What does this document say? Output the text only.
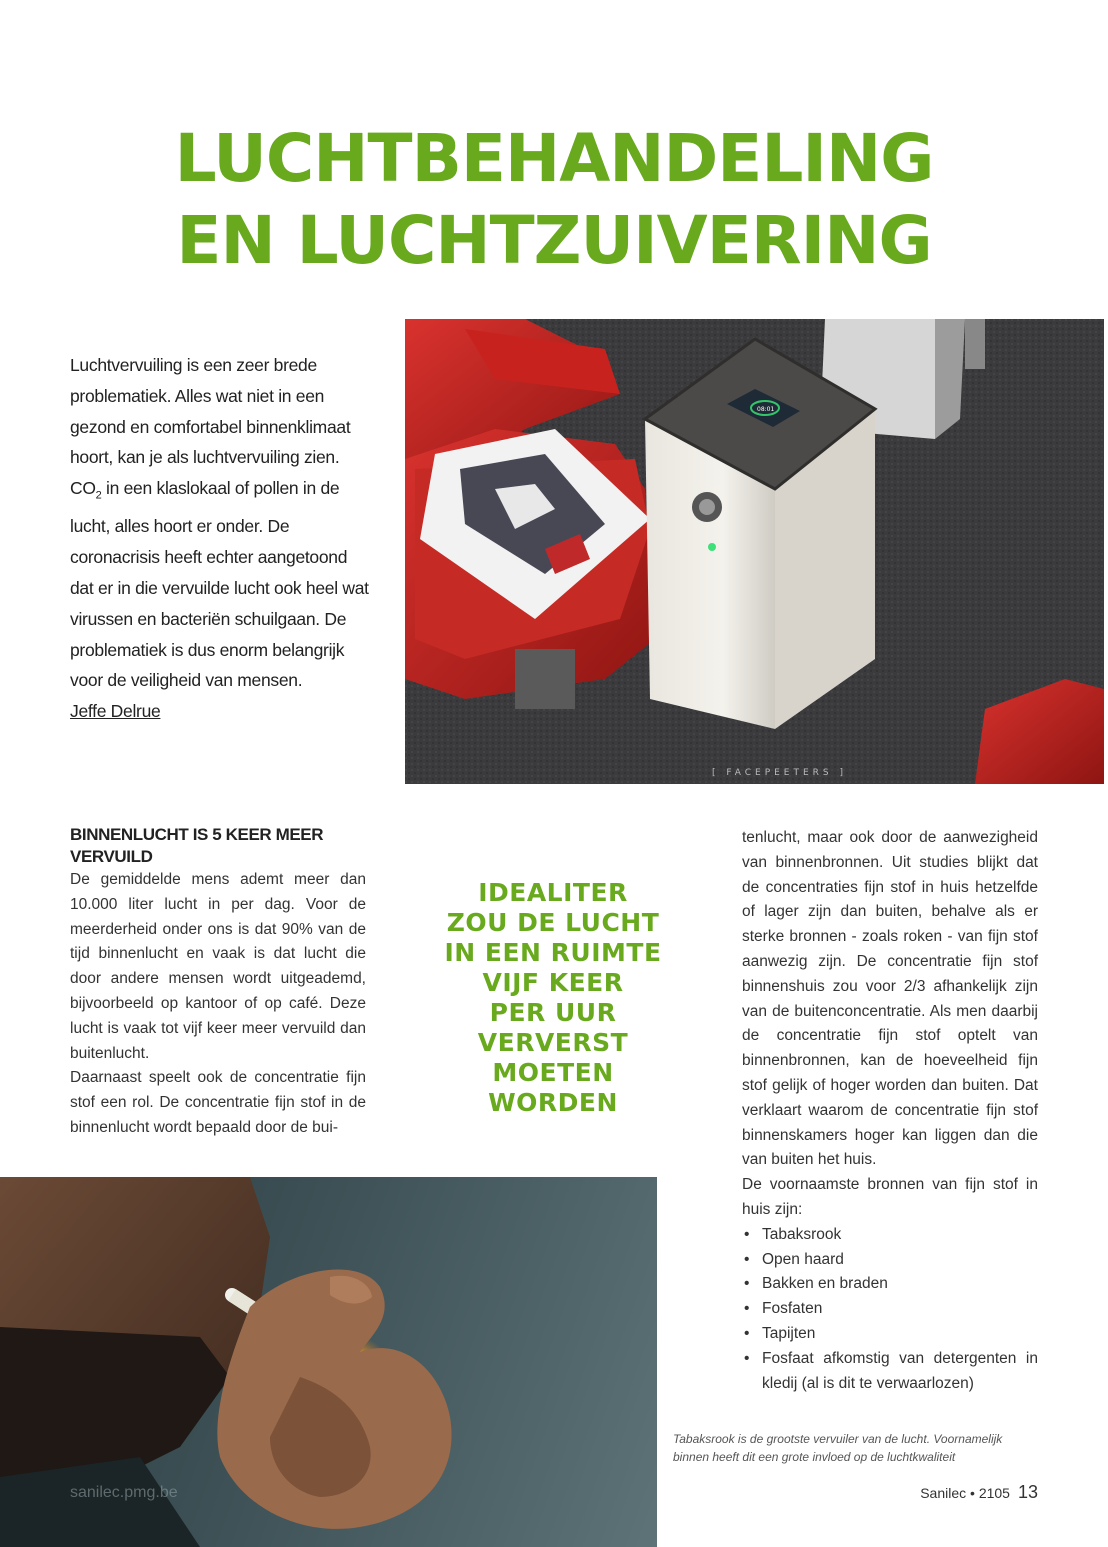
LUCHTBEHANDELING
EN LUCHTZUIVERING
Luchtvervuiling is een zeer brede problematiek. Alles wat niet in een gezond en comfortabel binnenklimaat hoort, kan je als luchtvervuiling zien. $CO_2$ in een klaslokaal of pollen in de lucht, alles hoort er onder. De coronacrisis heeft echter aangetoond dat er in die vervuilde lucht ook heel wat virussen en bacteriën schuilgaan. De problematiek is dus enorm belangrijk voor de veiligheid van mensen.
Jeffe Delrue
08:01
[ FACEPEETERS ]
BINNENLUCHT IS 5 KEER MEER VERVUILD

De gemiddelde mens ademt meer dan 10.000 liter lucht in per dag. Voor de meerderheid onder ons is dat 90% van de tijd binnenlucht en vaak is dat lucht die door andere mensen wordt uitgeademd, bijvoorbeeld op kantoor of op café. Deze lucht is vaak tot vijf keer meer vervuild dan buitenlucht.

Daarnaast speelt ook de concentratie fijn stof een rol. De concentratie fijn stof in de binnenlucht wordt bepaald door de bui-

IDEALITER
ZOU DE LUCHT
IN EEN RUIMTE
VIJF KEER
PER UUR
VERVERST MOETEN
WORDEN

tenlucht, maar ook door de aanwezigheid van binnenbronnen. Uit studies blijkt dat de concentraties fijn stof in huis hetzelfde of lager zijn dan buiten, behalve als er sterke bronnen - zoals roken - van fijn stof aanwezig zijn. De concentratie fijn stof binnenshuis zou voor 2/3 afhankelijk zijn van de buitenconcentratie. Als men daarbij de concentratie fijn stof optelt van binnenbronnen, kan de hoeveelheid fijn stof gelijk of hoger worden dan buiten. Dat verklaart waarom de concentratie fijn stof binnenskamers hoger kan liggen dan die van buiten het huis.

De voornaamste bronnen van fijn stof in huis zijn:

• Tabaksrook
• Open haard
• Bakken en braden
• Fosfaten
• Tapijten
• Fosfaat afkomstig van detergenten in kledij (al is dit te verwaarlozen)
Tabaksrook is de grootste vervuiler van de lucht. Voornamelijk binnen heeft dit een grote invloed op de luchtkwaliteit
sanilec.pmg.be	Sanilec • 2105 13
